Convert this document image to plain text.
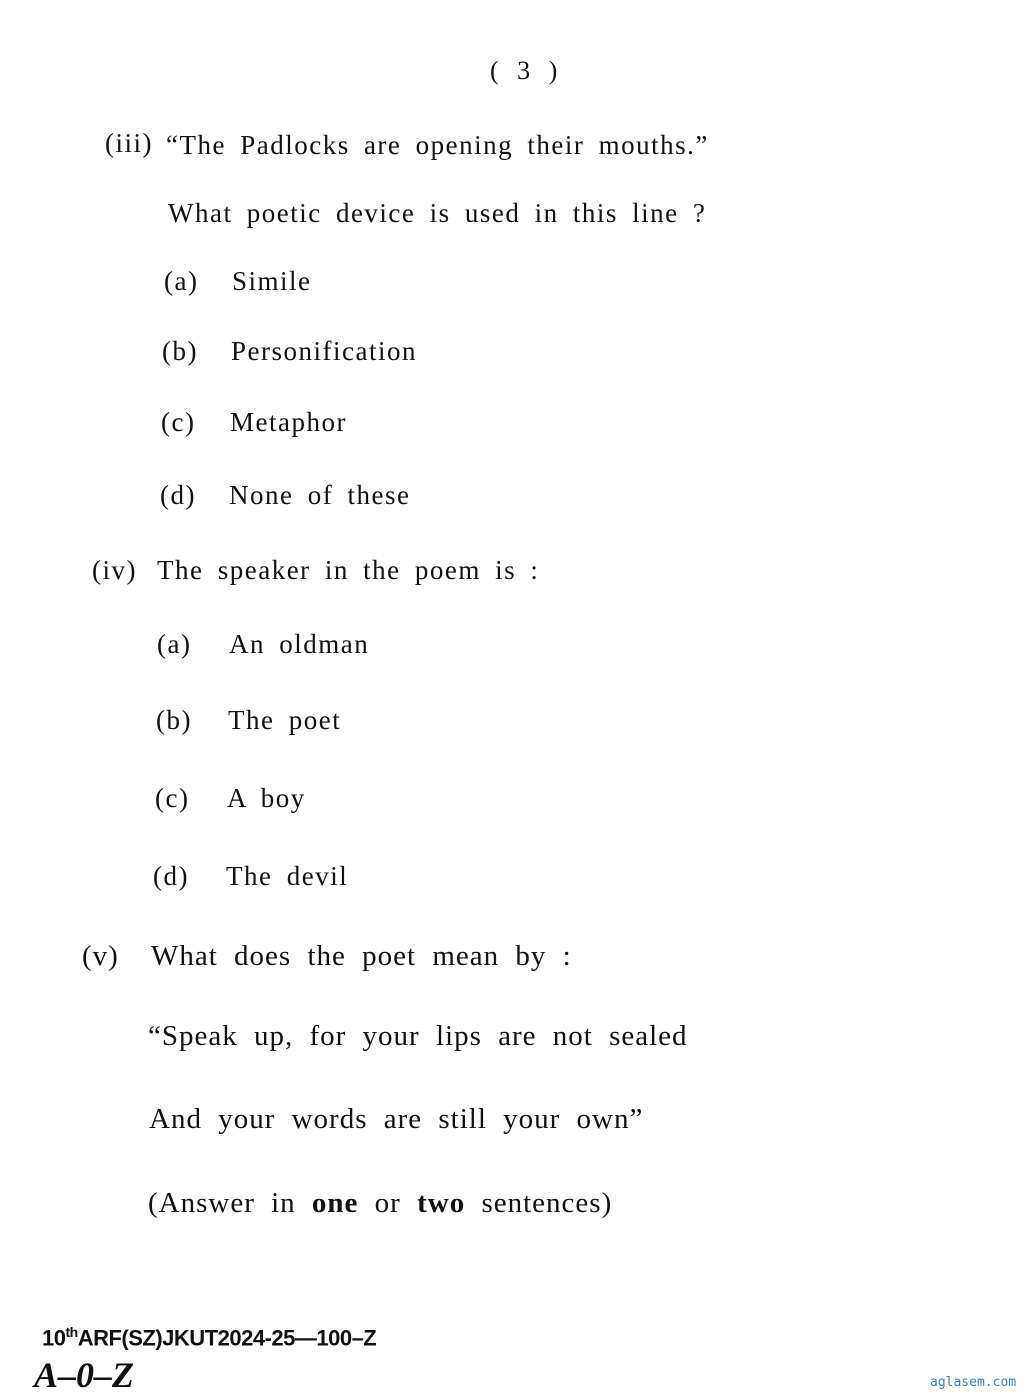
( 3 )
(iii) “The Padlocks are opening their mouths.”
What poetic device is used in this line ?
(a) Simile
(b) Personification
(c) Metaphor
(d) None of these
(iv) The speaker in the poem is :
(a) An oldman
(b) The poet
(c) A boy
(d) The devil
(v) What does the poet mean by :
“Speak up, for your lips are not sealed
And your words are still your own”
(Answer in one or two sentences)
10thARF(SZ)JKUT2024-25—100–Z
A–0–Z	aglasem.com
